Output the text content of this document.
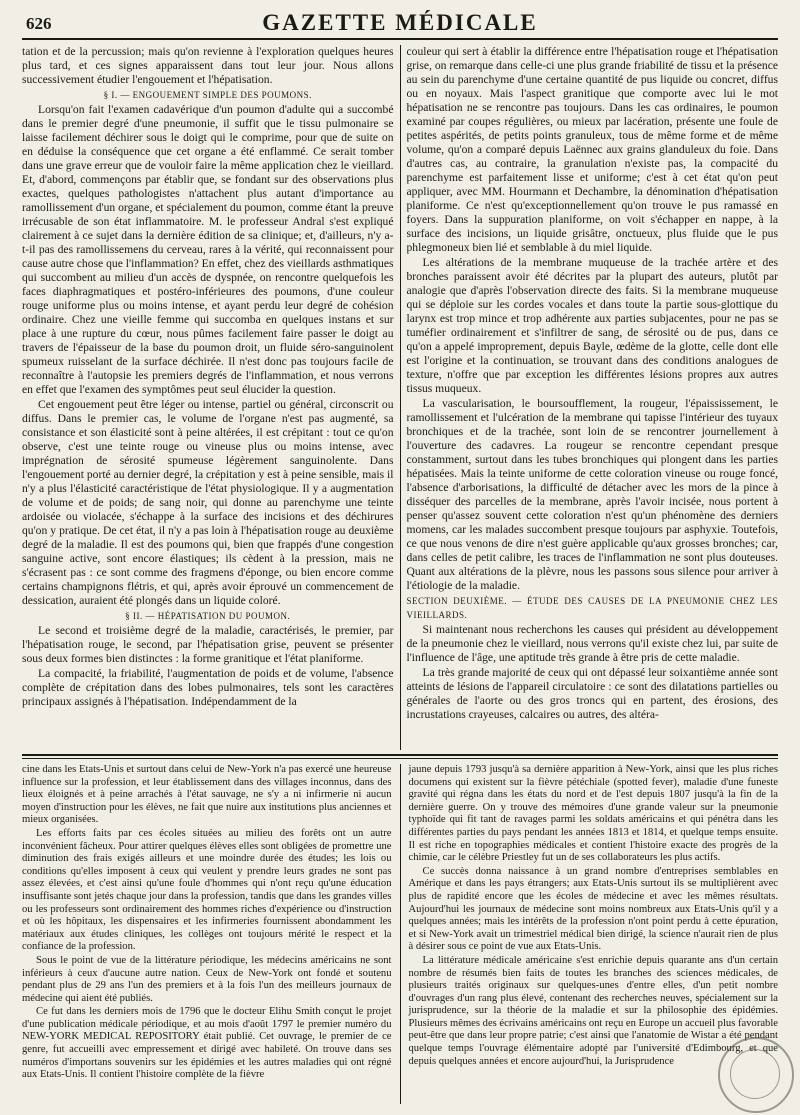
626	GAZETTE MÉDICALE

tation et de la percussion; mais qu'on revienne à l'exploration quelques heures plus tard, et ces signes apparaissent dans tout leur jour. Nous allons successivement étudier l'engouement et l'hépatisation.

§ I. — ENGOUEMENT SIMPLE DES POUMONS.

Lorsqu'on fait l'examen cadavérique d'un poumon d'adulte qui a succombé dans le premier degré d'une pneumonie, il suffit que le tissu pulmonaire se laisse facilement déchirer sous le doigt qui le comprime, pour que de suite on en déduise la conséquence que cet organe a été enflammé. Ce serait tomber dans une grave erreur que de vouloir faire la même application chez le vieillard. Et, d'abord, commençons par établir que, se fondant sur des observations plus exactes, quelques pathologistes n'attachent plus autant d'importance au ramollissement d'un organe, et spécialement du poumon, comme étant la preuve irrécusable de son état inflammatoire. M. le professeur Andral s'est expliqué clairement à ce sujet dans la dernière édition de sa clinique; et, d'ailleurs, n'y a-t-il pas des ramollissemens du cerveau, rares à la vérité, qui reconnaissent pour cause autre chose que l'inflammation? En effet, chez des vieillards asthmatiques qui succombent au milieu d'un accès de dyspnée, on rencontre quelquefois les faces diaphragmatiques et postéro-inférieures des poumons, d'une couleur rouge uniforme plus ou moins intense, et ayant perdu leur degré de cohésion ordinaire. Chez une vieille femme qui succomba en quelques instans et sur place à une rupture du cœur, nous pûmes facilement faire passer le doigt au travers de l'épaisseur de la base du poumon droit, un fluide séro-sanguinolent spumeux ruisselant de la surface déchirée. Il n'est donc pas toujours facile de reconnaître à l'autopsie les premiers degrés de l'inflammation, et nous verrons en effet que l'examen des symptômes peut seul élucider la question.

Cet engouement peut être léger ou intense, partiel ou général, circonscrit ou diffus. Dans le premier cas, le volume de l'organe n'est pas augmenté, sa consistance et son élasticité sont à peine altérées, il est crépitant : tout ce qu'on observe, c'est une teinte rouge ou vineuse plus ou moins intense, avec imprégnation de sérosité spumeuse légèrement sanguinolente. Dans l'engouement porté au dernier degré, la crépitation y est à peine sensible, mais il n'y a plus l'élasticité caractéristique de l'état physiologique. Il y a augmentation de volume et de poids; de sang noir, qui donne au parenchyme une teinte ardoisée ou violacée, s'échappe à la surface des incisions et des déchirures qu'on y pratique. De cet état, il n'y a pas loin à l'hépatisation rouge au deuxième degré de la maladie. Il est des poumons qui, bien que frappés d'une congestion sanguine active, sont encore élastiques; ils cèdent à la pression, mais ne s'écrasent pas : ce sont comme des fragmens d'éponge, ou bien encore comme certains champignons flétris, et qui, après avoir éprouvé un commencement de dessication, auraient été plongés dans un liquide coloré.

§ II. — HÉPATISATION DU POUMON.

Le second et troisième degré de la maladie, caractérisés, le premier, par l'hépatisation rouge, le second, par l'hépatisation grise, peuvent se présenter sous deux formes bien distinctes : la forme granitique et l'état planiforme.

La compacité, la friabilité, l'augmentation de poids et de volume, l'absence complète de crépitation dans des lobes pulmonaires, tels sont les caractères principaux assignés à l'hépatisation. Indépendamment de la

couleur qui sert à établir la différence entre l'hépatisation rouge et l'hépatisation grise, on remarque dans celle-ci une plus grande friabilité de tissu et la présence au sein du parenchyme d'une certaine quantité de pus liquide ou concret, diffus ou en noyaux. Mais l'aspect granitique que comporte avec lui le mot hépatisation ne se rencontre pas toujours. Dans les cas ordinaires, le poumon examiné par coupes régulières, ou mieux par lacération, présente une foule de petites aspérités, de petits points granuleux, tous de même forme et de même volume, qu'on a comparé depuis Laënnec aux grains glanduleux du foie. Dans d'autres cas, au contraire, la granulation n'existe pas, la compacité du parenchyme est parfaitement lisse et uniforme; c'est à cet état qu'on peut appliquer, avec MM. Hourmann et Dechambre, la dénomination d'hépatisation planiforme. Ce n'est qu'exceptionnellement qu'on trouve le pus ramassé en foyers. Dans la suppuration planiforme, on voit s'échapper en nappe, à la surface des incisions, un liquide grisâtre, onctueux, plus fluide que le pus phlegmoneux bien lié et semblable à du miel liquide.

Les altérations de la membrane muqueuse de la trachée artère et des bronches paraissent avoir été décrites par la plupart des auteurs, plutôt par analogie que d'après l'observation directe des faits. Si la membrane muqueuse qui se déploie sur les cordes vocales et dans toute la partie sous-glottique du larynx est trop mince et trop adhérente aux parties subjacentes, pour ne pas se tuméfier ordinairement et s'infiltrer de sang, de sérosité ou de pus, dans ce qu'on a appelé improprement, depuis Bayle, œdème de la glotte, celle dont elle est l'origine et la continuation, se trouvant dans des conditions analogues de texture, n'offre que par exception les différentes lésions propres aux autres tissus muqueux.

La vascularisation, le boursoufflement, la rougeur, l'épaississement, le ramollissement et l'ulcération de la membrane qui tapisse l'intérieur des tuyaux bronchiques et de la trachée, sont loin de se rencontrer journellement à l'ouverture des cadavres. La rougeur se rencontre cependant presque constamment, surtout dans les tubes bronchiques qui plongent dans les parties hépatisées. Mais la teinte uniforme de cette coloration vineuse ou rouge foncé, l'absence d'arborisations, la difficulté de détacher avec les mors de la pince à disséquer des parcelles de la membrane, après l'avoir incisée, nous portent à penser qu'assez souvent cette coloration n'est qu'un phénomène des derniers momens, car les malades succombent presque toujours par asphyxie. Toutefois, ce que nous venons de dire n'est guère applicable qu'aux grosses bronches; car, dans celles de petit calibre, les traces de l'inflammation ne sont plus douteuses. Quant aux altérations de la plèvre, nous les passons sous silence pour arriver à l'étiologie de la maladie.

SECTION DEUXIÈME. — ÉTUDE DES CAUSES DE LA PNEUMONIE CHEZ LES VIEILLARDS.

Si maintenant nous recherchons les causes qui président au développement de la pneumonie chez le vieillard, nous verrons qu'il existe chez lui, par suite de l'influence de l'âge, une aptitude très grande à être pris de cette maladie.

La très grande majorité de ceux qui ont dépassé leur soixantième année sont atteints de lésions de l'appareil circulatoire : ce sont des dilatations partielles ou générales de l'aorte ou des gros troncs qui en partent, des érosions, des incrustations crayeuses, calcaires ou autres, des altéra-

cine dans les Etats-Unis et surtout dans celui de New-York n'a pas exercé une heureuse influence sur la profession, et leur établissement dans des villages inconnus, dans des lieux éloignés et à peine arrachés à l'état sauvage, ne s'y a ni infirmerie ni aucun moyen d'instruction pour les élèves, ne fait que nuire aux institutions plus anciennes et mieux organisées.

Les efforts faits par ces écoles situées au milieu des forêts ont un autre inconvénient fâcheux. Pour attirer quelques élèves elles sont obligées de promettre une diminution des frais exigés ailleurs et une moindre durée des études; les lois ou conditions qu'elles imposent à ceux qui veulent y prendre leurs grades ne sont pas assez élevées, et c'est ainsi qu'une foule d'hommes qui n'ont reçu qu'une éducation insuffisante sont jetés chaque jour dans la profession, tandis que dans les grandes villes ou les professeurs sont ordinairement des hommes riches d'expérience ou d'instruction et où les hôpitaux, les dispensaires et les infirmeries fournissent abondamment les matériaux aux études cliniques, les collèges ont toujours mérité le respect et la confiance de la profession.

Sous le point de vue de la littérature périodique, les médecins américains ne sont inférieurs à ceux d'aucune autre nation. Ceux de New-York ont fondé et soutenu pendant plus de 29 ans l'un des premiers et à la fois l'un des meilleurs journaux de médecine qui aient été publiés.

Ce fut dans les derniers mois de 1796 que le docteur Elihu Smith conçut le projet d'une publication médicale périodique, et au mois d'août 1797 le premier numéro du NEW-YORK MEDICAL REPOSITORY était publié. Cet ouvrage, le premier de ce genre, fut accueilli avec empressement et dirigé avec habileté. On trouve dans ses numéros d'importans souvenirs sur les épidémies et les autres maladies qui ont régné aux Etats-Unis. Il contient l'histoire complète de la fièvre

jaune depuis 1793 jusqu'à sa dernière apparition à New-York, ainsi que les plus riches documens qui existent sur la fièvre pétéchiale (spotted fever), maladie d'une funeste gravité qui régna dans les états du nord et de l'est depuis 1807 jusqu'à la fin de la dernière guerre. On y trouve des mémoires d'une grande valeur sur la pneumonie typhoïde qui fit tant de ravages parmi les soldats américains et qui pénétra dans les différentes parties du pays pendant les années 1813 et 1814, et quelque temps ensuite. Il est riche en topographies médicales et contient l'histoire exacte des progrès de la chimie, car le célèbre Priestley fut un de ses collaborateurs les plus actifs.

Ce succès donna naissance à un grand nombre d'entreprises semblables en Amérique et dans les pays étrangers; aux Etats-Unis surtout ils se multiplièrent avec plus de rapidité encore que les écoles de médecine et avec les mêmes résultats. Aujourd'hui les journaux de médecine sont moins nombreux aux Etats-Unis qu'il y a quelques années; mais les intérêts de la profession n'ont point perdu à cette épuration, et si New-York avait un trimestriel médical bien dirigé, la science n'aurait rien de plus à désirer sous ce point de vue aux Etats-Unis.

La littérature médicale américaine s'est enrichie depuis quarante ans d'un certain nombre de résumés bien faits de toutes les branches des sciences médicales, de plusieurs traités originaux sur quelques-unes d'entre elles, d'un petit nombre d'ouvrages d'un rang plus élevé, contenant des recherches neuves, spécialement sur la jurisprudence, sur la théorie de la maladie et sur la philosophie des épidémies. Plusieurs mêmes des écrivains américains ont reçu en Europe un accueil plus favorable peut-être que dans leur propre patrie; c'est ainsi que l'anatomie de Wistar a été pendant quelque temps l'ouvrage élémentaire adopté par l'université d'Edimbourg, et que depuis quelques années et encore aujourd'hui, la Jurisprudence
